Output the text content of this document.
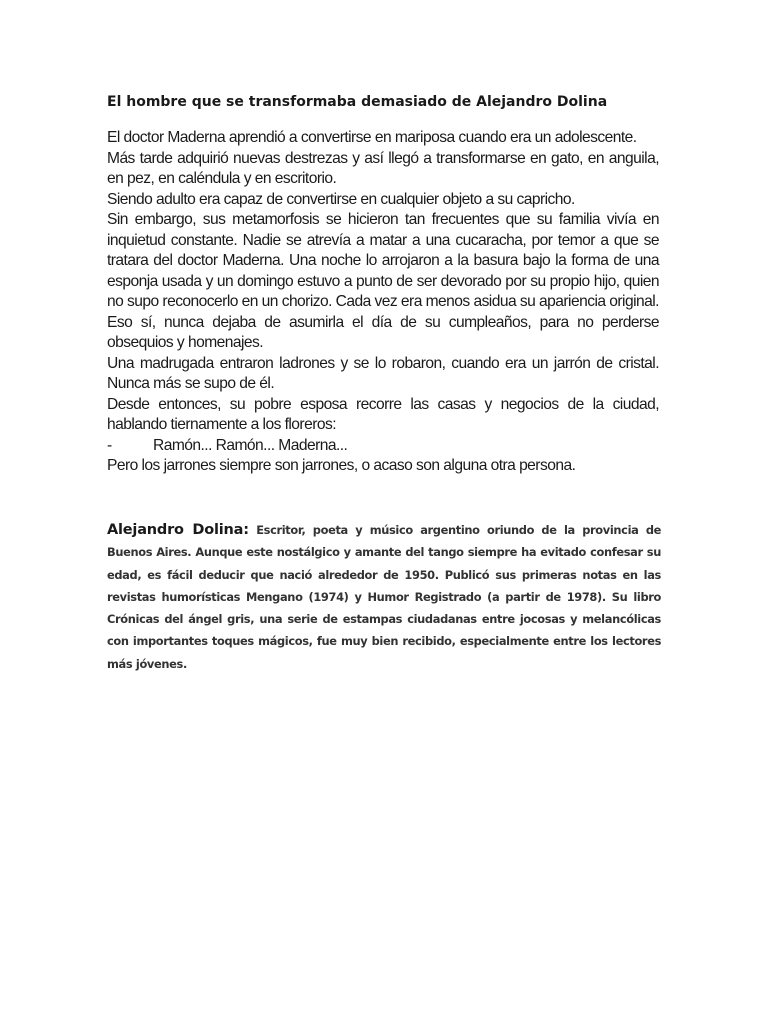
El hombre que se transformaba demasiado de Alejandro Dolina

El doctor Maderna aprendió a convertirse en mariposa cuando era un adolescente.

Más tarde adquirió nuevas destrezas y así llegó a transformarse en gato, en anguila, en pez, en caléndula y en escritorio.

Siendo adulto era capaz de convertirse en cualquier objeto a su capricho.

Sin embargo, sus metamorfosis se hicieron tan frecuentes que su familia vivía en inquietud constante. Nadie se atrevía a matar a una cucaracha, por temor a que se tratara del doctor Maderna. Una noche lo arrojaron a la basura bajo la forma de una esponja usada y un domingo estuvo a punto de ser devorado por su propio hijo, quien no supo reconocerlo en un chorizo. Cada vez era menos asidua su apariencia original.

Eso sí, nunca dejaba de asumirla el día de su cumpleaños, para no perderse obsequios y homenajes.

Una madrugada entraron ladrones y se lo robaron, cuando era un jarrón de cristal. Nunca más se supo de él.

Desde entonces, su pobre esposa recorre las casas y negocios de la ciudad, hablando tiernamente a los floreros:

-	Ramón... Ramón... Maderna...

Pero los jarrones siempre son jarrones, o acaso son alguna otra persona.

Alejandro Dolina: Escritor, poeta y músico argentino oriundo de la provincia de Buenos Aires. Aunque este nostálgico y amante del tango siempre ha evitado confesar su edad, es fácil deducir que nació alrededor de 1950. Publicó sus primeras notas en las revistas humorísticas Mengano (1974) y Humor Registrado (a partir de 1978). Su libro Crónicas del ángel gris, una serie de estampas ciudadanas entre jocosas y melancólicas con importantes toques mágicos, fue muy bien recibido, especialmente entre los lectores más jóvenes.
